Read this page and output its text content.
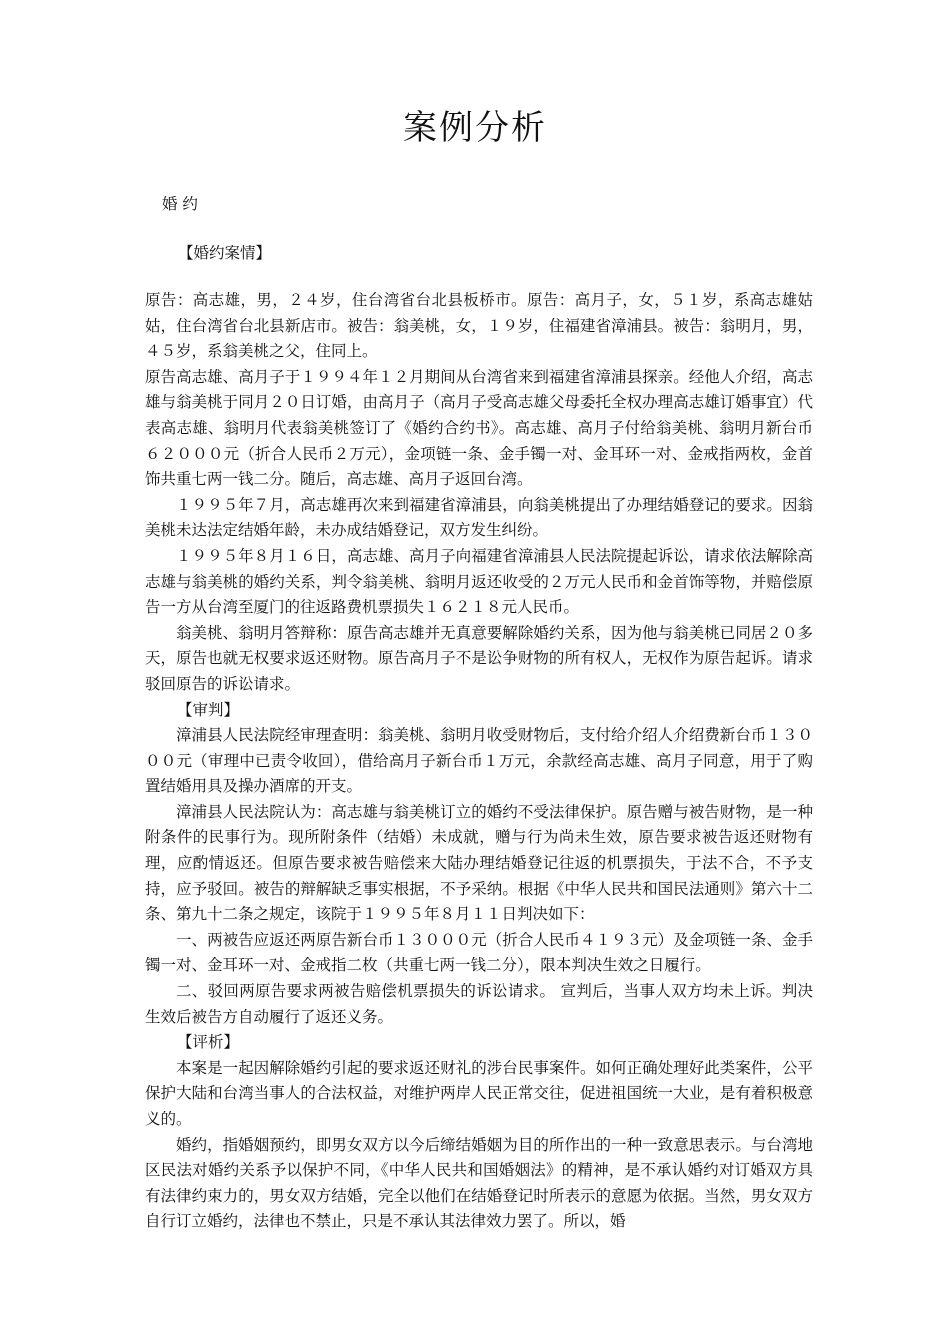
案例分析
婚 约
【婚约案情】

原告：高志雄，男，２４岁，住台湾省台北县板桥市。原告：高月子，女，５１岁，系高志雄姑姑，住台湾省台北县新店市。被告：翁美桃，女，１９岁，住福建省漳浦县。被告：翁明月，男，４５岁，系翁美桃之父，住同上。

原告高志雄、高月子于１９９４年１２月期间从台湾省来到福建省漳浦县探亲。经他人介绍，高志雄与翁美桃于同月２０日订婚，由高月子（高月子受高志雄父母委托全权办理高志雄订婚事宜）代表高志雄、翁明月代表翁美桃签订了《婚约合约书》。高志雄、高月子付给翁美桃、翁明月新台币６２０００元（折合人民币２万元），金项链一条、金手镯一对、金耳环一对、金戒指两枚，金首饰共重七两一钱二分。随后，高志雄、高月子返回台湾。

１９９５年７月，高志雄再次来到福建省漳浦县，向翁美桃提出了办理结婚登记的要求。因翁美桃未达法定结婚年龄，未办成结婚登记，双方发生纠纷。

１９９５年８月１６日，高志雄、高月子向福建省漳浦县人民法院提起诉讼，请求依法解除高志雄与翁美桃的婚约关系，判令翁美桃、翁明月返还收受的２万元人民币和金首饰等物，并赔偿原告一方从台湾至厦门的往返路费机票损失１６２１８元人民币。

翁美桃、翁明月答辩称：原告高志雄并无真意要解除婚约关系，因为他与翁美桃已同居２０多天，原告也就无权要求返还财物。原告高月子不是讼争财物的所有权人，无权作为原告起诉。请求驳回原告的诉讼请求。

【审判】

漳浦县人民法院经审理查明：翁美桃、翁明月收受财物后，支付给介绍人介绍费新台币１３０００元（审理中已责令收回），借给高月子新台币１万元，余款经高志雄、高月子同意，用于了购置结婚用具及操办酒席的开支。

漳浦县人民法院认为：高志雄与翁美桃订立的婚约不受法律保护。原告赠与被告财物，是一种附条件的民事行为。现所附条件（结婚）未成就，赠与行为尚未生效，原告要求被告返还财物有理，应酌情返还。但原告要求被告赔偿来大陆办理结婚登记往返的机票损失，于法不合，不予支持，应予驳回。被告的辩解缺乏事实根据，不予采纳。根据《中华人民共和国民法通则》第六十二条、第九十二条之规定，该院于１９９５年８月１１日判决如下：

一、两被告应返还两原告新台币１３０００元（折合人民币４１９３元）及金项链一条、金手镯一对、金耳环一对、金戒指二枚（共重七两一钱二分），限本判决生效之日履行。

二、驳回两原告要求两被告赔偿机票损失的诉讼请求。 宣判后，当事人双方均未上诉。判决生效后被告方自动履行了返还义务。

【评析】

本案是一起因解除婚约引起的要求返还财礼的涉台民事案件。如何正确处理好此类案件，公平保护大陆和台湾当事人的合法权益，对维护两岸人民正常交往，促进祖国统一大业，是有着积极意义的。

婚约，指婚姻预约，即男女双方以今后缔结婚姻为目的所作出的一种一致意思表示。与台湾地区民法对婚约关系予以保护不同，《中华人民共和国婚姻法》的精神，是不承认婚约对订婚双方具有法律约束力的，男女双方结婚，完全以他们在结婚登记时所表示的意愿为依据。当然，男女双方自行订立婚约，法律也不禁止，只是不承认其法律效力罢了。所以，婚
